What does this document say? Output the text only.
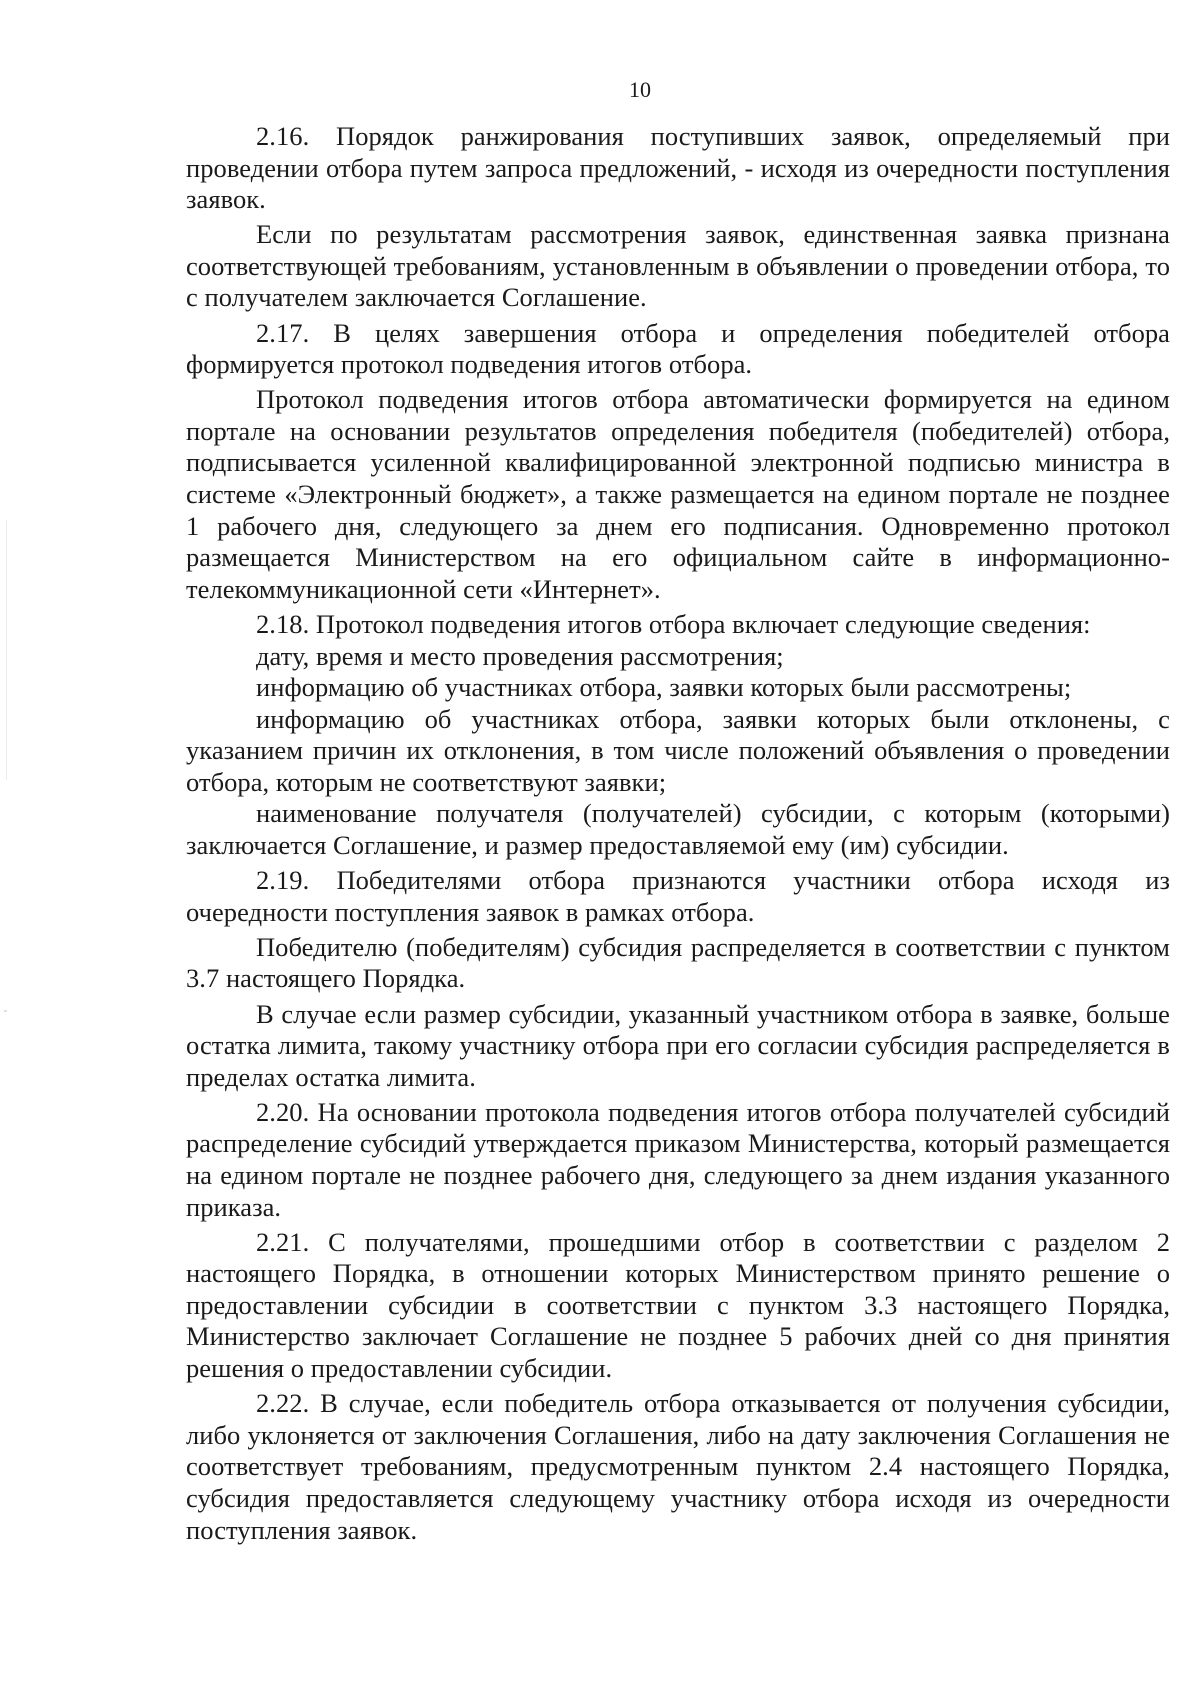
10

2.16. Порядок ранжирования поступивших заявок, определяемый при проведении отбора путем запроса предложений, - исходя из очередности поступления заявок.

Если по результатам рассмотрения заявок, единственная заявка признана соответствующей требованиям, установленным в объявлении о проведении отбора, то с получателем заключается Соглашение.

2.17. В целях завершения отбора и определения победителей отбора формируется протокол подведения итогов отбора.

Протокол подведения итогов отбора автоматически формируется на едином портале на основании результатов определения победителя (победителей) отбора, подписывается усиленной квалифицированной электронной подписью министра в системе «Электронный бюджет», а также размещается на едином портале не позднее 1 рабочего дня, следующего за днем его подписания. Одновременно протокол размещается Министерством на его официальном сайте в информационно-телекоммуникационной сети «Интернет».

2.18. Протокол подведения итогов отбора включает следующие сведения:

дату, время и место проведения рассмотрения;

информацию об участниках отбора, заявки которых были рассмотрены;

информацию об участниках отбора, заявки которых были отклонены, с указанием причин их отклонения, в том числе положений объявления о проведении отбора, которым не соответствуют заявки;

наименование получателя (получателей) субсидии, с которым (которыми) заключается Соглашение, и размер предоставляемой ему (им) субсидии.

2.19. Победителями отбора признаются участники отбора исходя из очередности поступления заявок в рамках отбора.

Победителю (победителям) субсидия распределяется в соответствии с пунктом 3.7 настоящего Порядка.

В случае если размер субсидии, указанный участником отбора в заявке, больше остатка лимита, такому участнику отбора при его согласии субсидия распределяется в пределах остатка лимита.

2.20. На основании протокола подведения итогов отбора получателей субсидий распределение субсидий утверждается приказом Министерства, который размещается на едином портале не позднее рабочего дня, следующего за днем издания указанного приказа.

2.21. С получателями, прошедшими отбор в соответствии с разделом 2 настоящего Порядка, в отношении которых Министерством принято решение о предоставлении субсидии в соответствии с пунктом 3.3 настоящего Порядка, Министерство заключает Соглашение не позднее 5 рабочих дней со дня принятия решения о предоставлении субсидии.

2.22. В случае, если победитель отбора отказывается от получения субсидии, либо уклоняется от заключения Соглашения, либо на дату заключения Соглашения не соответствует требованиям, предусмотренным пунктом 2.4 настоящего Порядка, субсидия предоставляется следующему участнику отбора исходя из очередности поступления заявок.
